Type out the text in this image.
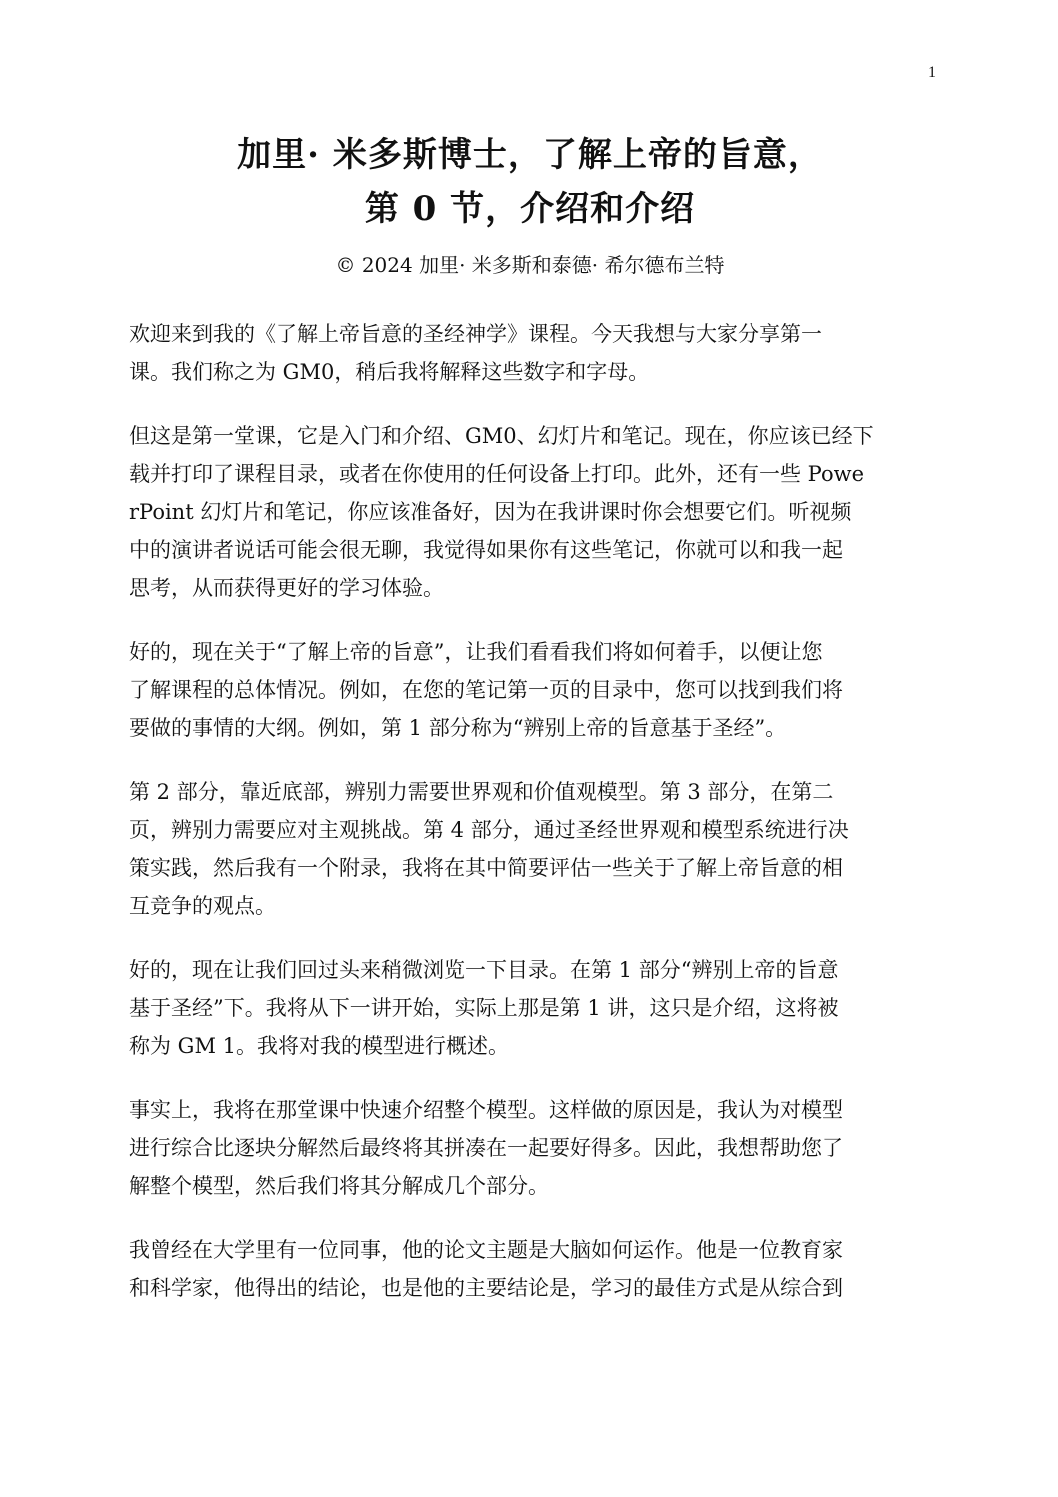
1
加里· 米多斯博士，了解上帝的旨意，
第 0 节，介绍和介绍
© 2024 加里· 米多斯和泰德· 希尔德布兰特

欢迎来到我的《了解上帝旨意的圣经神学》课程。今天我想与大家分享第一
课。我们称之为 GM0，稍后我将解释这些数字和字母。

但这是第一堂课，它是入门和介绍、GM0、幻灯片和笔记。现在，你应该已经下
载并打印了课程目录，或者在你使用的任何设备上打印。此外，还有一些 Powe
rPoint 幻灯片和笔记，你应该准备好，因为在我讲课时你会想要它们。听视频
中的演讲者说话可能会很无聊，我觉得如果你有这些笔记，你就可以和我一起
思考，从而获得更好的学习体验。

好的，现在关于“了解上帝的旨意”，让我们看看我们将如何着手，以便让您
了解课程的总体情况。例如，在您的笔记第一页的目录中，您可以找到我们将
要做的事情的大纲。例如，第 1 部分称为“辨别上帝的旨意基于圣经”。

第 2 部分，靠近底部，辨别力需要世界观和价值观模型。第 3 部分，在第二
页，辨别力需要应对主观挑战。第 4 部分，通过圣经世界观和模型系统进行决
策实践，然后我有一个附录，我将在其中简要评估一些关于了解上帝旨意的相
互竞争的观点。

好的，现在让我们回过头来稍微浏览一下目录。在第 1 部分“辨别上帝的旨意
基于圣经”下。我将从下一讲开始，实际上那是第 1 讲，这只是介绍，这将被
称为 GM 1。我将对我的模型进行概述。

事实上，我将在那堂课中快速介绍整个模型。这样做的原因是，我认为对模型
进行综合比逐块分解然后最终将其拼凑在一起要好得多。因此，我想帮助您了
解整个模型，然后我们将其分解成几个部分。

我曾经在大学里有一位同事，他的论文主题是大脑如何运作。他是一位教育家
和科学家，他得出的结论，也是他的主要结论是，学习的最佳方式是从综合到
